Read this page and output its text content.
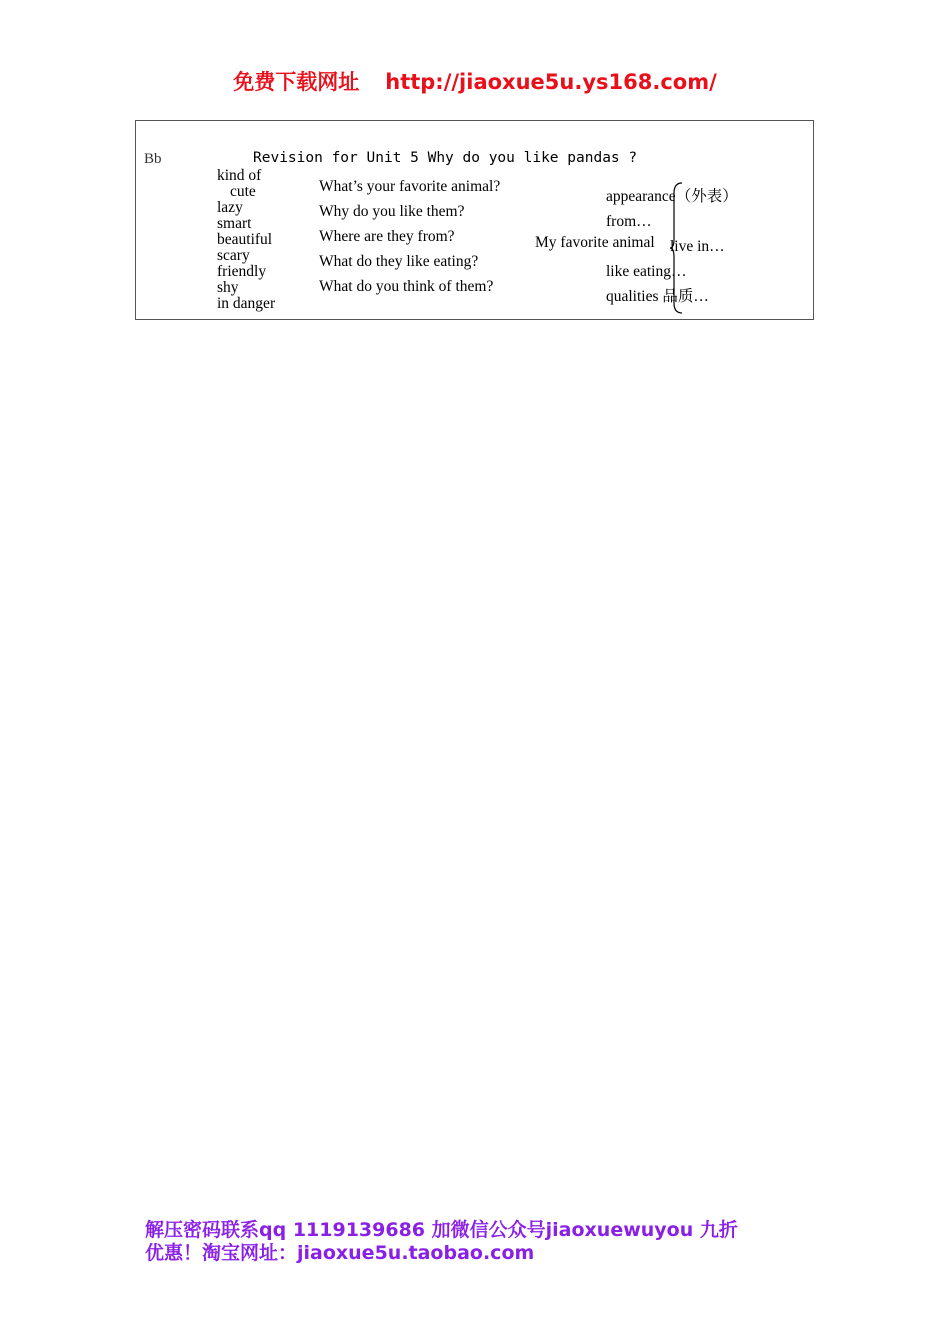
免费下载网址 http://jiaoxue5u.ys168.com/
Bb	Revision for Unit 5 Why do you like pandas ?
kind of
cute
lazy
smart
beautiful
scary
friendly
shy
in danger
What’s your favorite animal?
Why do you like them?
Where are they from?
What do they like eating?
What do you think of them?
My favorite animal
appearance（外表）
from…
live in…
like eating…
qualities 品质…
解压密码联系qq 1119139686 加微信公众号jiaoxuewuyou 九折
优惠！淘宝网址：jiaoxue5u.taobao.com
